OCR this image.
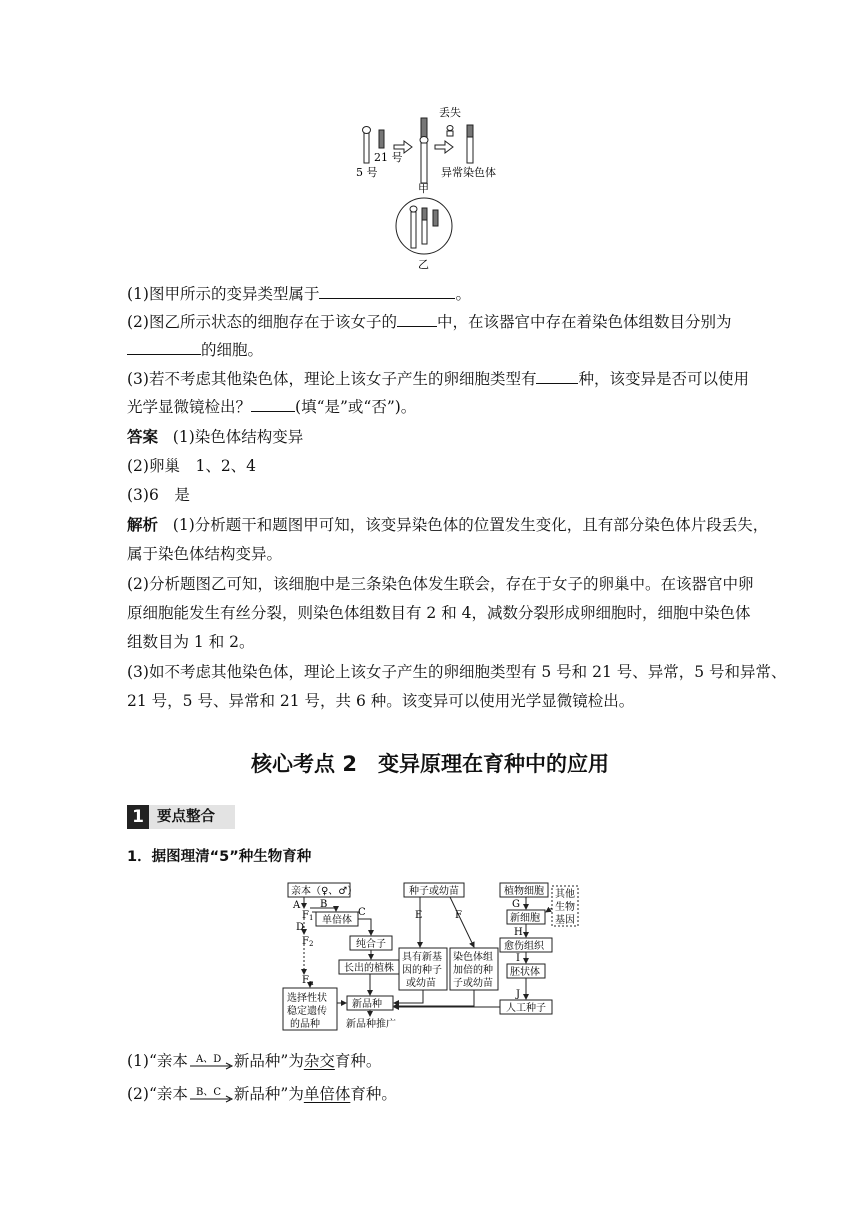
丢失
21 号
5 号	异常染色体
甲
乙
(1)图甲所示的变异类型属于	。
(2)图乙所示状态的细胞存在于该女子的	中，在该器官中存在着染色体组数目分别为
的细胞。
(3)若不考虑其他染色体，理论上该女子产生的卵细胞类型有	种，该变异是否可以使用
光学显微镜检出？	(填“是”或“否”)。
答案 (1)染色体结构变异
(2)卵巢　1、2、4
(3)6　是
解析 (1)分析题干和题图甲可知，该变异染色体的位置发生变化，且有部分染色体片段丢失，
属于染色体结构变异。
(2)分析题图乙可知，该细胞中是三条染色体发生联会，存在于女子的卵巢中。在该器官中卵
原细胞能发生有丝分裂，则染色体组数目有 2 和 4，减数分裂形成卵细胞时，细胞中染色体
组数目为 1 和 2。
(3)如不考虑其他染色体，理论上该女子产生的卵细胞类型有 5 号和 21 号、异常，5 号和异常、
21 号，5 号、异常和 21 号，共 6 种。该变异可以使用光学显微镜检出。
核心考点 2　变异原理在育种中的应用
1 要点整合
1．据图理清“5”种生物育种
亲本（♀、♂）
A B
C
D
$F_1$
$F_2$
$F_n$
单倍体
纯合子
长出的植株
选择性状
稳定遗传
的品种
新品种
新品种推广
种子或幼苗
E	F
具有新基
因的种子
或幼苗
染色体组
加倍的种
子或幼苗
植物细胞 其他
生物
基因
G
新细胞
H
愈伤组织
I
胚状体
J
人工种子
(1)“亲本 A、D 新品种”为杂交育种。
(2)“亲本 B、C 新品种”为单倍体育种。
